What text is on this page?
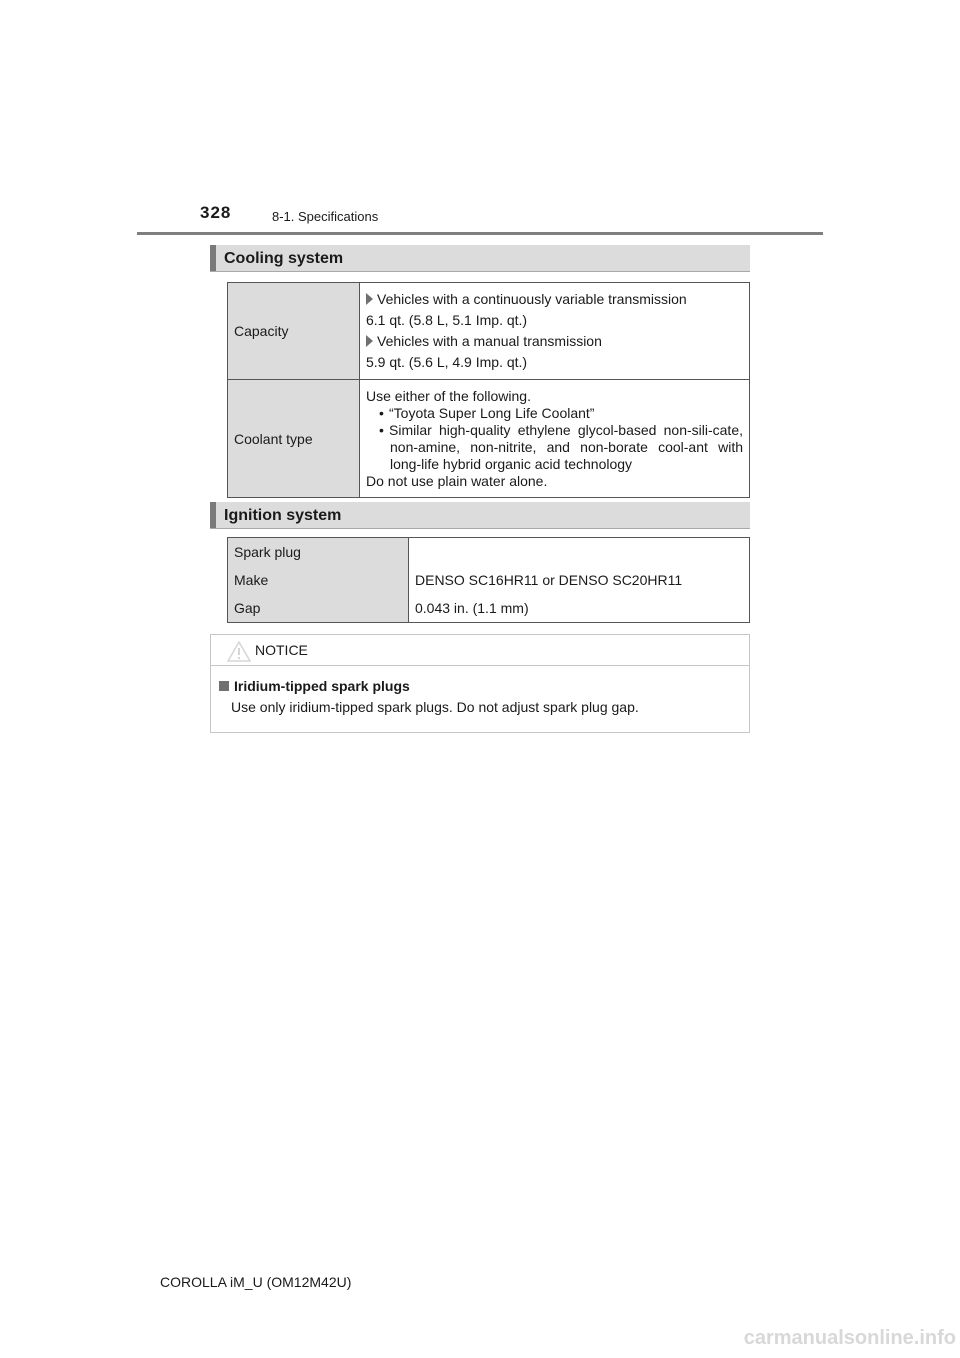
328	8-1. Specifications
Cooling system
Capacity	Vehicles with a continuously variable transmission
6.1 qt. (5.8 L, 5.1 Imp. qt.)
Vehicles with a manual transmission
5.9 qt. (5.6 L, 4.9 Imp. qt.)

Coolant type	Use either of the following.
• “Toyota Super Long Life Coolant”
• Similar high-quality ethylene glycol-based non-sili-cate, non-amine, non-nitrite, and non-borate cool-ant with long-life hybrid organic acid technology
Do not use plain water alone.
Ignition system
Spark plug	
Make	DENSO SC16HR11 or DENSO SC20HR11
Gap	0.043 in. (1.1 mm)
NOTICE
Iridium-tipped spark plugs
Use only iridium-tipped spark plugs. Do not adjust spark plug gap.
COROLLA iM_U (OM12M42U)
carmanualsonline.info
